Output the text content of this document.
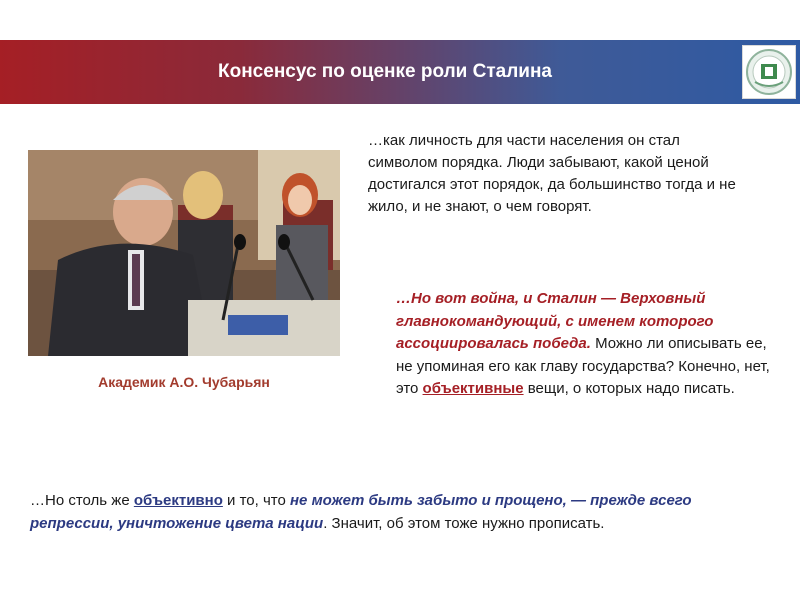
Консенсус по оценке роли Сталина
Академик А.О. Чубарьян
…как личность для части населения он стал символом порядка. Люди забывают, какой ценой достигался этот порядок, да большинство тогда и не жило, и не знают, о чем говорят.
…Но вот война, и Сталин — Верховный главнокомандующий, с именем которого ассоциировалась победа. Можно ли описывать ее, не упоминая его как главу государства? Конечно, нет, это объективные вещи, о которых надо писать.
…Но столь же объективно и то, что не может быть забыто и прощено, — прежде всего репрессии, уничтожение цвета нации. Значит, об этом тоже нужно прописать.
